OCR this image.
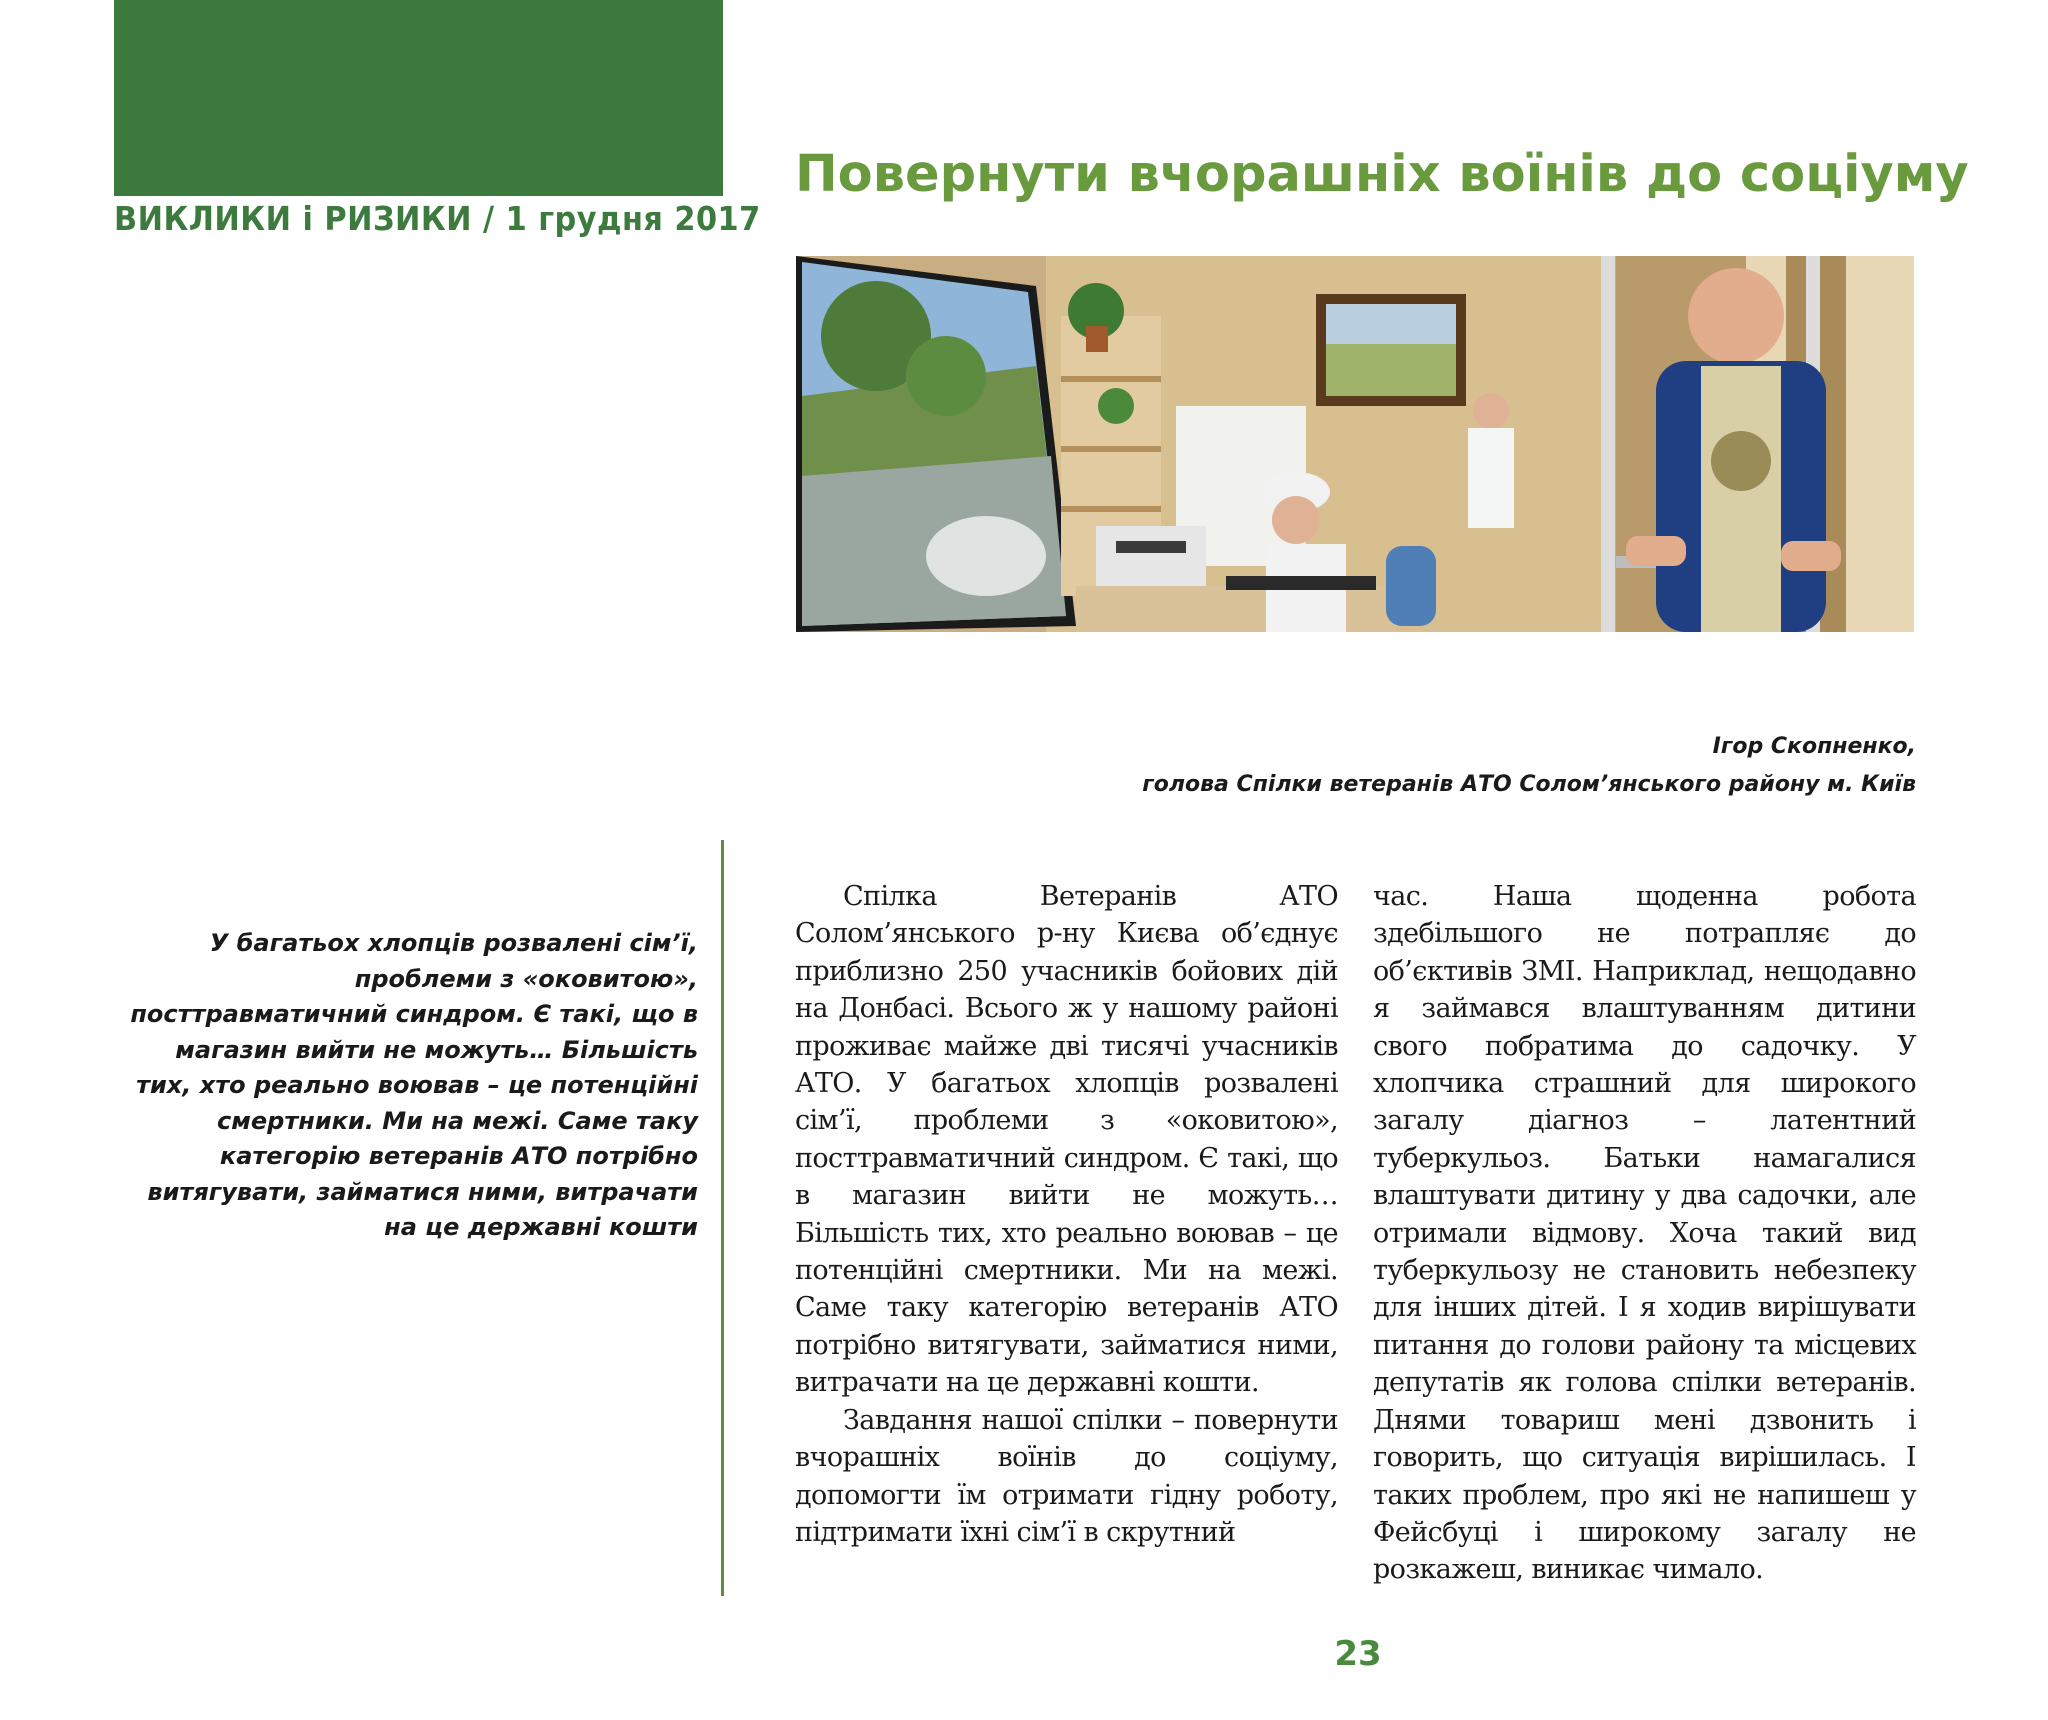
ВИКЛИКИ і РИЗИКИ / 1 грудня 2017
Повернути вчорашніх воїнів до соціуму
Ігор Скопненко,
голова Спілки ветеранів АТО Солом’янського району м. Київ
У багатьох хлопців розвалені сім’ї, проблеми з «оковитою», посттравматичний синдром. Є такі, що в магазин вийти не можуть… Більшість тих, хто реально воював – це потенційні смертники. Ми на межі. Саме таку категорію ветеранів АТО потрібно витягувати, займатися ними, витрачати на це державні кошти

Спілка Ветеранів АТО Солом’янського р-ну Києва об’єднує приблизно 250 учасників бойових дій на Донбасі. Всього ж у нашому районі проживає майже дві тисячі учасників АТО. У багатьох хлопців розвалені сім’ї, проблеми з «оковитою», посттравматичний синдром. Є такі, що в магазин вийти не можуть… Більшість тих, хто реально воював – це потенційні смертники. Ми на межі. Саме таку категорію ветеранів АТО потрібно витягувати, займатися ними, витрачати на це державні кошти.

Завдання нашої спілки – повернути вчорашніх воїнів до соціуму, допомогти їм отримати гідну роботу, підтримати їхні сім’ї в скрутний

час. Наша щоденна робота здебільшого не потрапляє до об’єктивів ЗМІ. Наприклад, нещодавно я займався влаштуванням дитини свого побратима до садочку. У хлопчика страшний для широкого загалу діагноз – латентний туберкульоз. Батьки намагалися влаштувати дитину у два садочки, але отримали відмову. Хоча такий вид туберкульозу не становить небезпеку для інших дітей. І я ходив вирішувати питання до голови району та місцевих депутатів як голова спілки ветеранів. Днями товариш мені дзвонить і говорить, що ситуація вирішилась. І таких проблем, про які не напишеш у Фейсбуці і широкому загалу не розкажеш, виникає чимало.

23
